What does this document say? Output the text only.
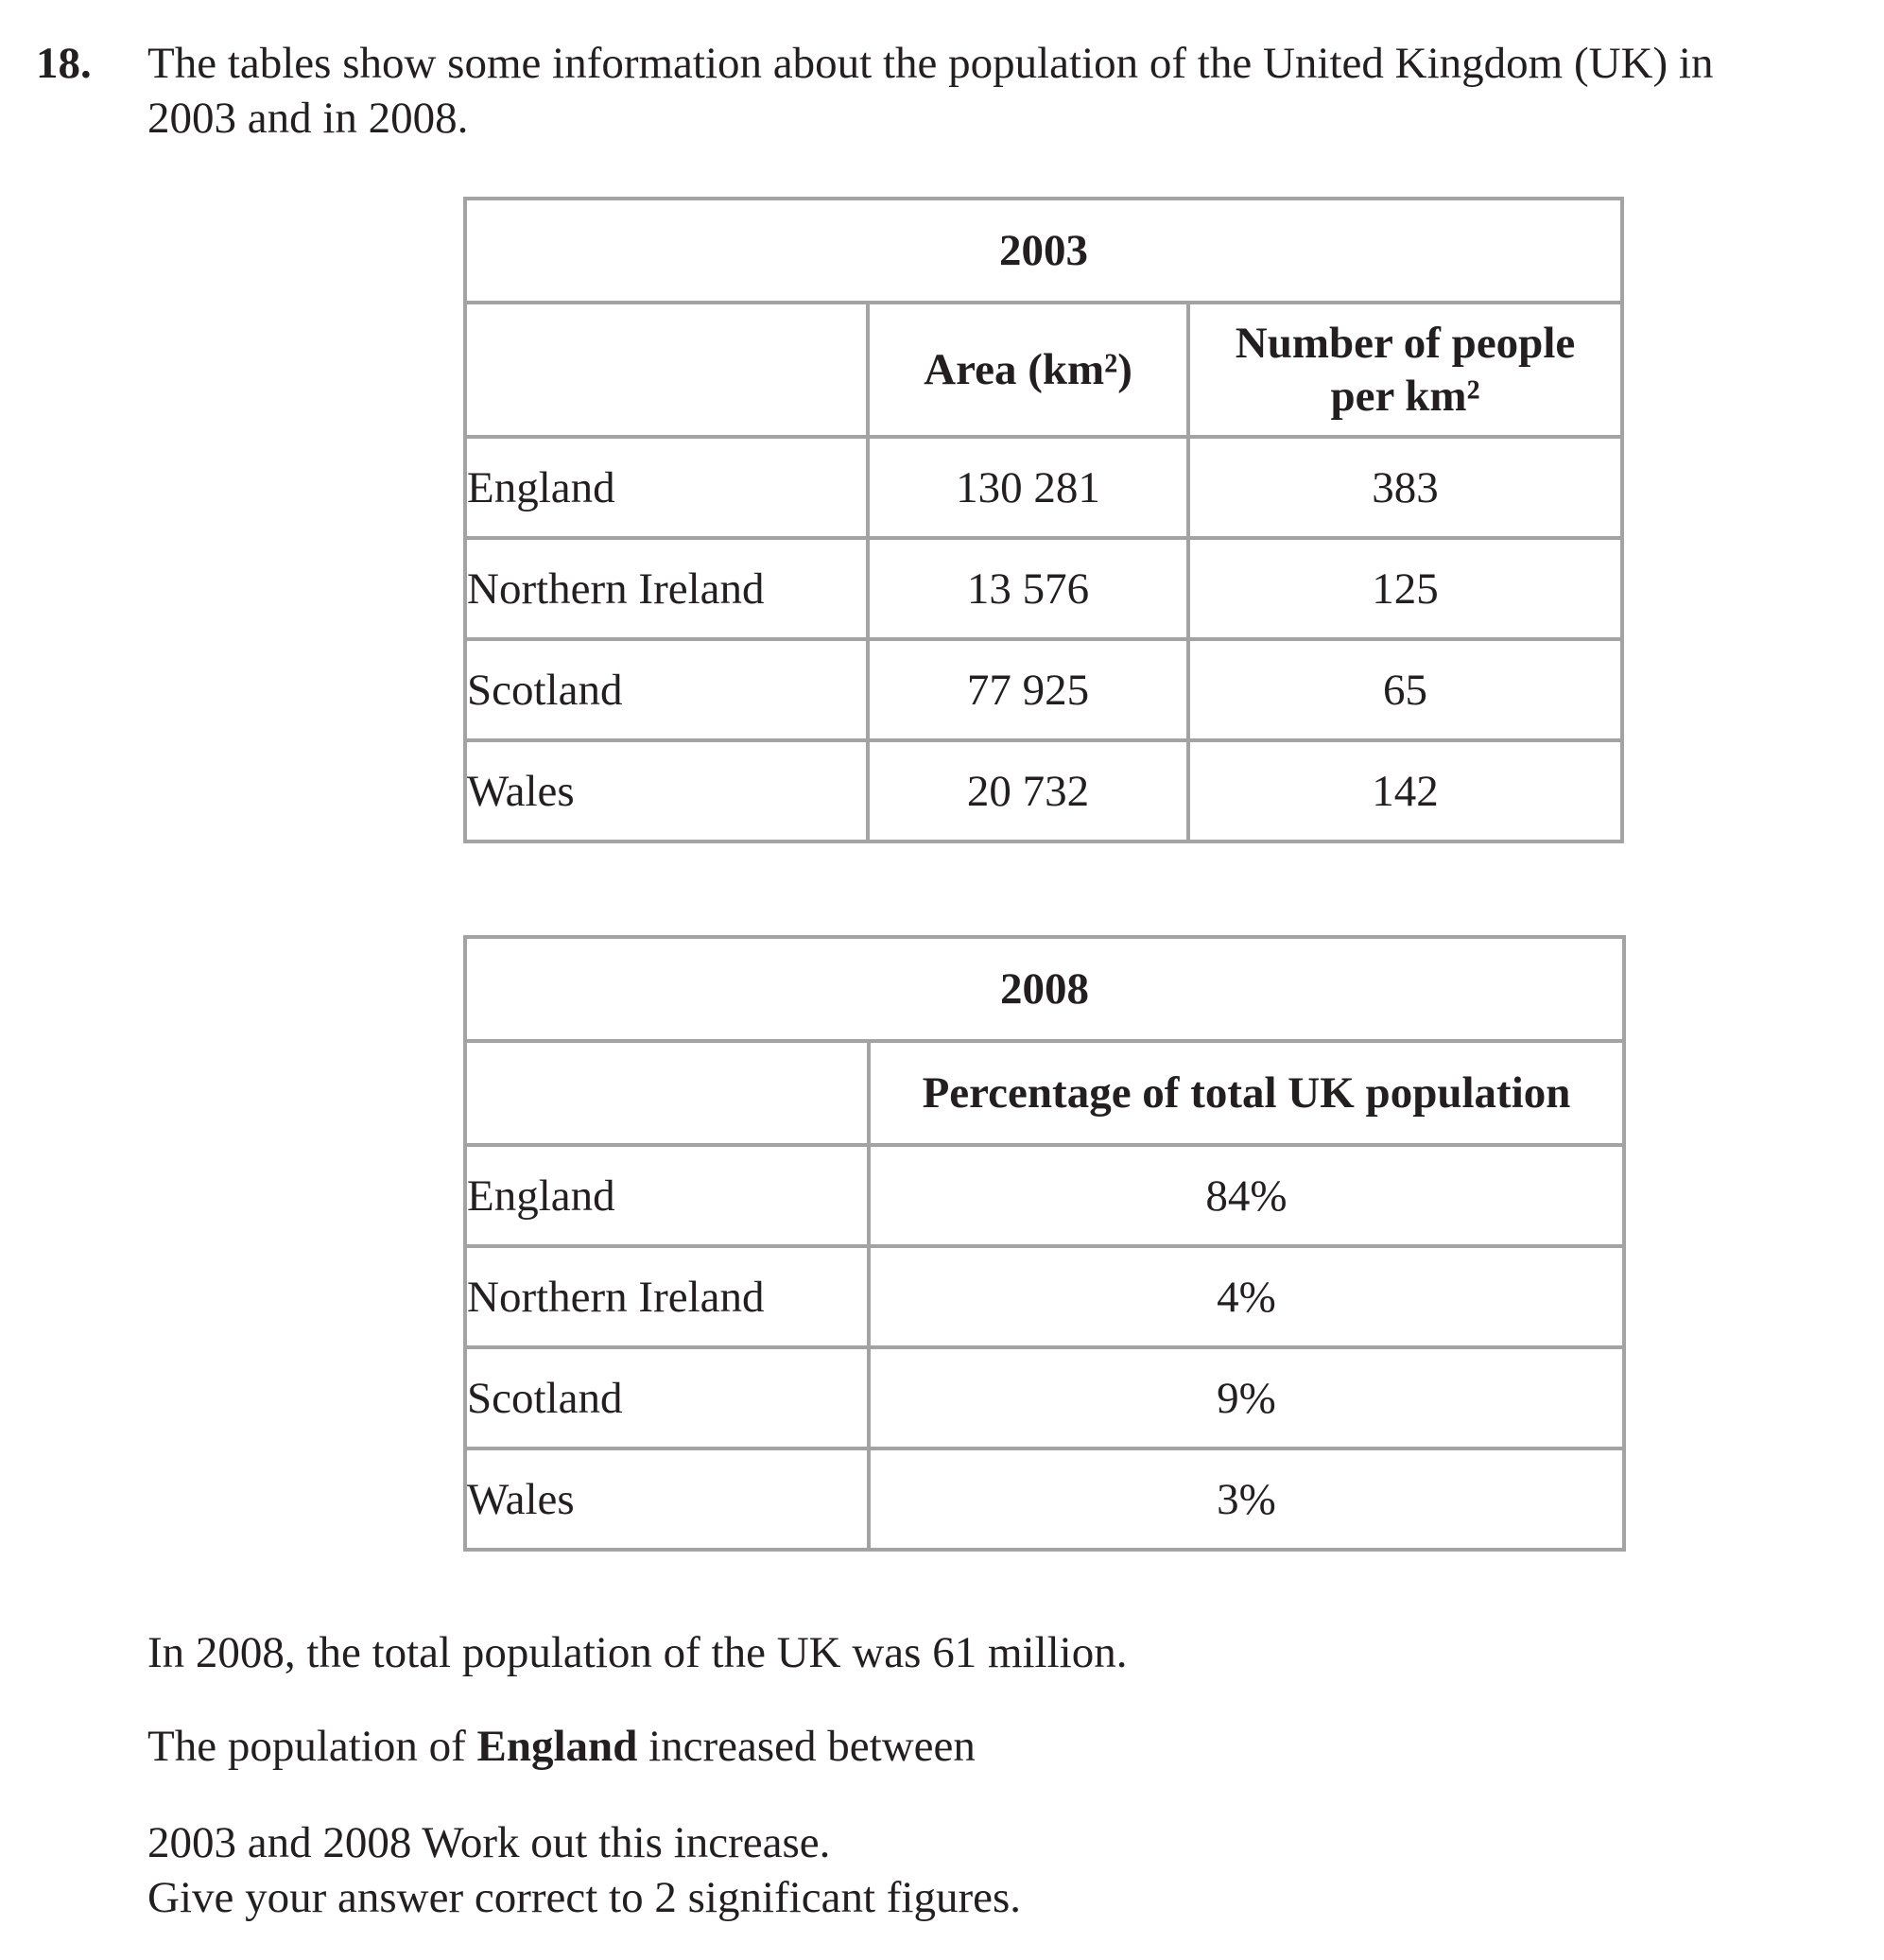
18. The tables show some information about the population of the United Kingdom (UK) in
2003 and in 2008.
2003		
	Area (km²)	Number of people
per km²

England	130 281	383
Northern Ireland	13 576	125
Scotland	77 925	65
Wales	20 732	142
2008	
	Percentage of total UK population
England	84%
Northern Ireland	4%
Scotland	9%
Wales	3%
In 2008, the total population of the UK was 61 million.
The population of England increased between
2003 and 2008 Work out this increase.
Give your answer correct to 2 significant figures.
